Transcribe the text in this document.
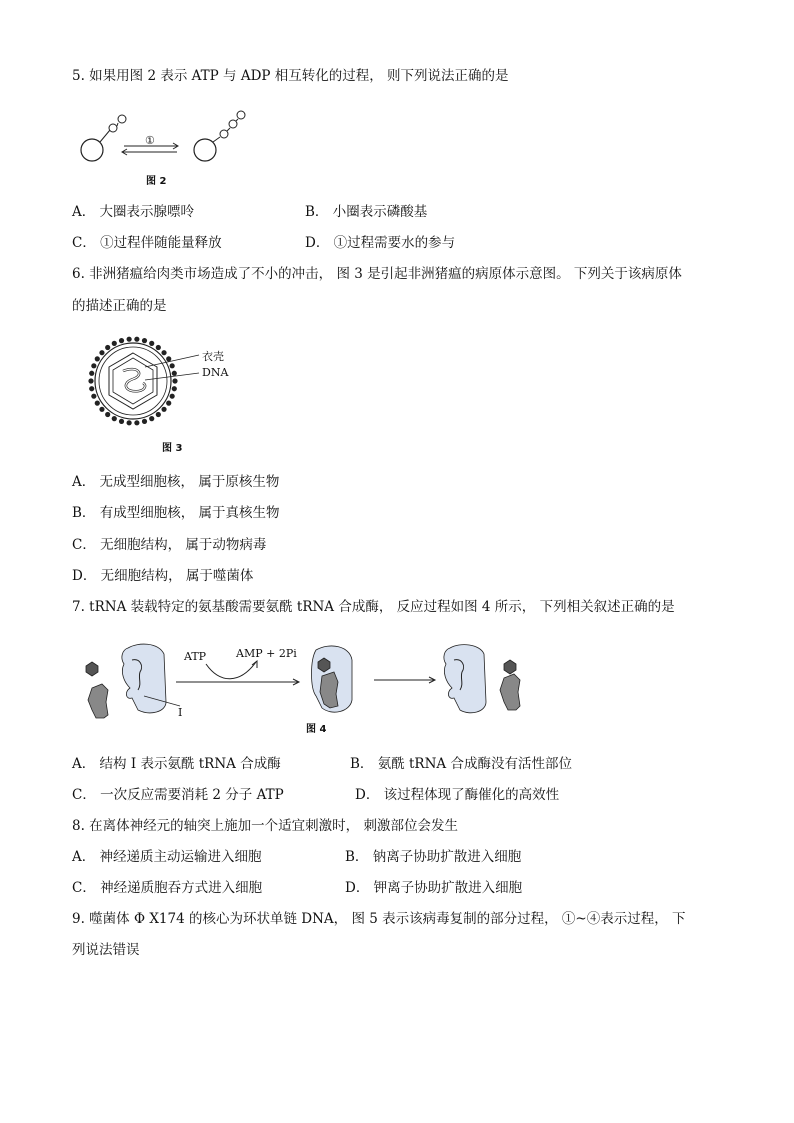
5. 如果用图 2 表示 ATP 与 ADP 相互转化的过程， 则下列说法正确的是
①
图 2
A． 大圈表示腺嘌呤	B． 小圈表示磷酸基
C． ①过程伴随能量释放	D． ①过程需要水的参与
6. 非洲猪瘟给肉类市场造成了不小的冲击， 图 3 是引起非洲猪瘟的病原体示意图。 下列关于该病原体
的描述正确的是
衣壳
DNA
图 3
A． 无成型细胞核， 属于原核生物
B． 有成型细胞核， 属于真核生物
C． 无细胞结构， 属于动物病毒
D． 无细胞结构， 属于噬菌体
7. tRNA 装载特定的氨基酸需要氨酰 tRNA 合成酶， 反应过程如图 4 所示， 下列相关叙述正确的是
ATP	AMP + 2Pi
I
图 4
A． 结构 I 表示氨酰 tRNA 合成酶	B． 氨酰 tRNA 合成酶没有活性部位
C． 一次反应需要消耗 2 分子 ATP	D． 该过程体现了酶催化的高效性
8. 在离体神经元的轴突上施加一个适宜刺激时， 刺激部位会发生
A． 神经递质主动运输进入细胞	B． 钠离子协助扩散进入细胞
C． 神经递质胞吞方式进入细胞	D． 钾离子协助扩散进入细胞
9. 噬菌体 Φ X174 的核心为环状单链 DNA， 图 5 表示该病毒复制的部分过程， ①~④表示过程， 下
列说法错误
